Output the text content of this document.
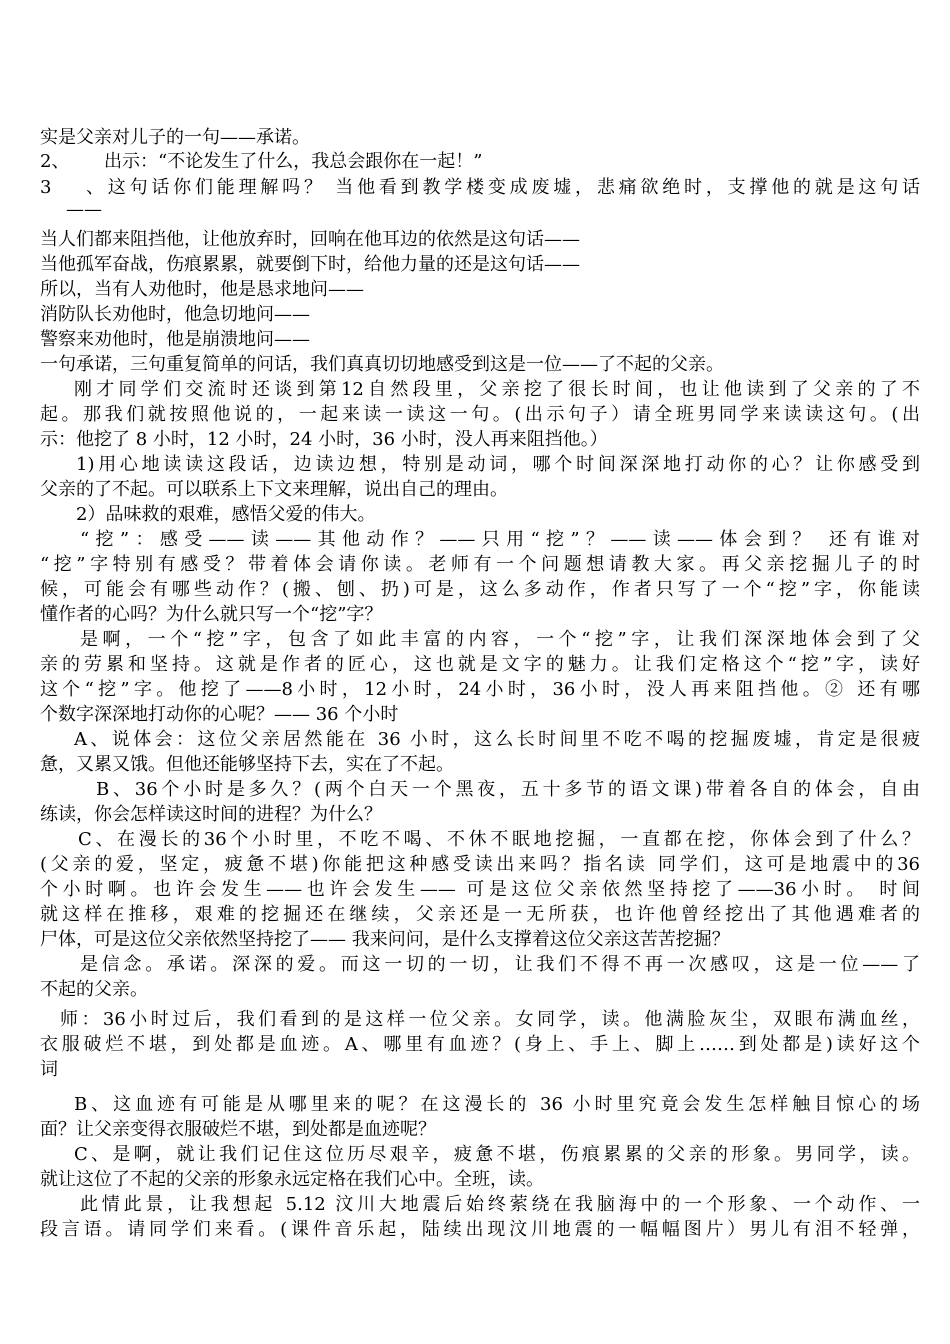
实是父亲对儿子的一句——承诺。
2、 出示：“不论发生了什么，我总会跟你在一起！”
3、这句话你们能理解吗？ 当他看到教学楼变成废墟，悲痛欲绝时，支撑他的就是这句话
——
当人们都来阻挡他，让他放弃时，回响在他耳边的依然是这句话——
当他孤军奋战，伤痕累累，就要倒下时，给他力量的还是这句话——
所以，当有人劝他时，他是恳求地问——
消防队长劝他时，他急切地问——
警察来劝他时，他是崩溃地问——
一句承诺，三句重复简单的问话，我们真真切切地感受到这是一位——了不起的父亲。
刚才同学们交流时还谈到第12自然段里，父亲挖了很长时间，也让他读到了父亲的了不
起。那我们就按照他说的，一起来读一读这一句。(出示句子）请全班男同学来读读这句。(出
示：他挖了 8 小时，12 小时，24 小时，36 小时，没人再来阻挡他。）
1)用心地读读这段话，边读边想，特别是动词，哪个时间深深地打动你的心？让你感受到
父亲的了不起。可以联系上下文来理解，说出自己的理由。
2）品味救的艰难，感悟父爱的伟大。
“挖”：感受——读——其他动作？——只用“挖”？——读——体会到？ 还有谁对
“挖”字特别有感受？带着体会请你读。老师有一个问题想请教大家。再父亲挖掘儿子的时
候，可能会有哪些动作？(搬、刨、扔)可是，这么多动作，作者只写了一个“挖”字，你能读
懂作者的心吗？为什么就只写一个“挖”字？
是啊，一个“挖”字，包含了如此丰富的内容，一个“挖”字，让我们深深地体会到了父
亲的劳累和坚持。这就是作者的匠心，这也就是文字的魅力。让我们定格这个“挖”字，读好
这个“挖”字。他挖了——8小时，12小时，24小时，36小时，没人再来阻挡他。② 还有哪
个数字深深地打动你的心呢？—— 36 个小时
A、说体会：这位父亲居然能在 36 小时，这么长时间里不吃不喝的挖掘废墟，肯定是很疲
惫，又累又饿。但他还能够坚持下去，实在了不起。
B、36个小时是多久？(两个白天一个黑夜，五十多节的语文课)带着各自的体会，自由
练读，你会怎样读这时间的进程？为什么？
C、在漫长的36个小时里，不吃不喝、不休不眠地挖掘，一直都在挖，你体会到了什么？
(父亲的爱，坚定，疲惫不堪)你能把这种感受读出来吗？指名读 同学们，这可是地震中的36
个小时啊。也许会发生——也许会发生—— 可是这位父亲依然坚持挖了——36小时。 时间
就这样在推移，艰难的挖掘还在继续，父亲还是一无所获，也许他曾经挖出了其他遇难者的
尸体，可是这位父亲依然坚持挖了—— 我来问问，是什么支撑着这位父亲这苦苦挖掘？
是信念。承诺。深深的爱。而这一切的一切，让我们不得不再一次感叹，这是一位——了
不起的父亲。
师：36小时过后，我们看到的是这样一位父亲。女同学，读。他满脸灰尘，双眼布满血丝，
衣服破烂不堪，到处都是血迹。A、哪里有血迹？(身上、手上、脚上……到处都是)读好这个
词
B、这血迹有可能是从哪里来的呢？在这漫长的 36 小时里究竟会发生怎样触目惊心的场
面？让父亲变得衣服破烂不堪，到处都是血迹呢？
C、是啊，就让我们记住这位历尽艰辛，疲惫不堪，伤痕累累的父亲的形象。男同学，读。
就让这位了不起的父亲的形象永远定格在我们心中。全班，读。
此情此景，让我想起 5.12 汶川大地震后始终萦绕在我脑海中的一个形象、一个动作、一
段言语。请同学们来看。(课件音乐起，陆续出现汶川地震的一幅幅图片）男儿有泪不轻弹，
